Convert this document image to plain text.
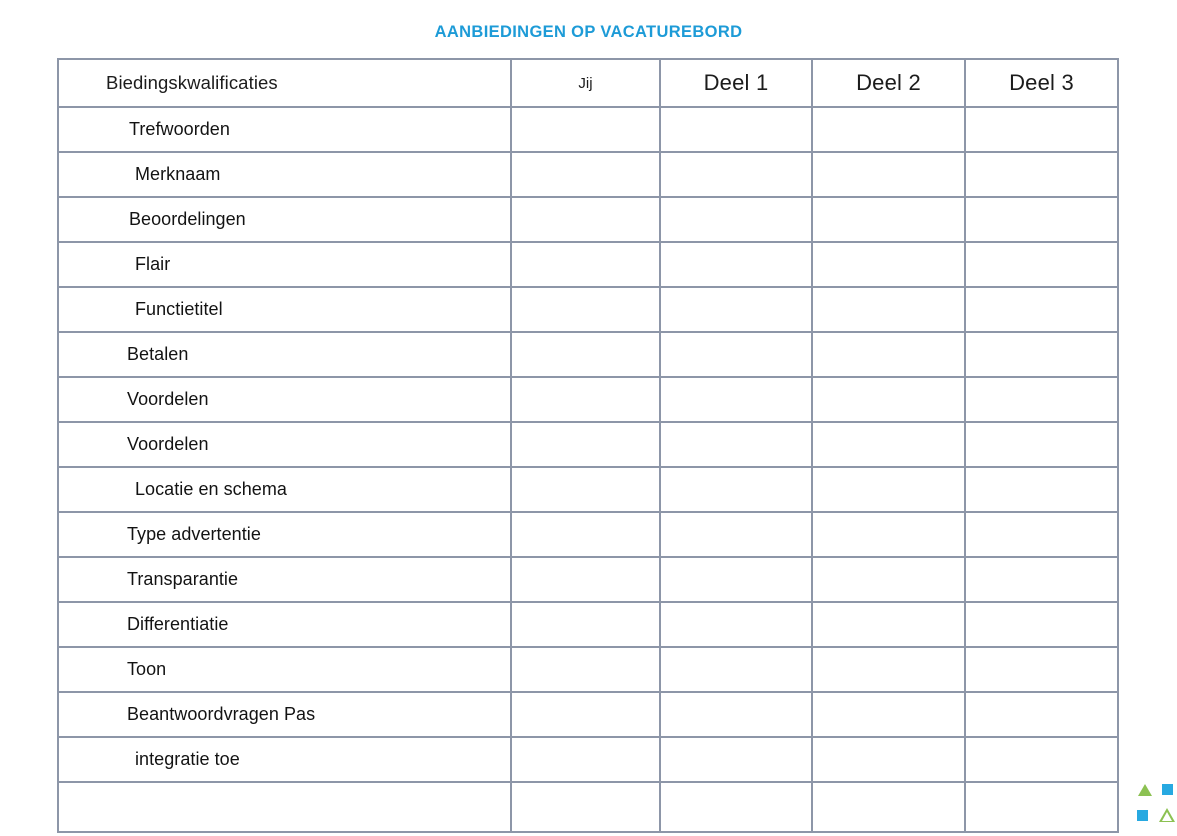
AANBIEDINGEN OP VACATUREBORD
Biedingskwalificaties	Jij	Deel 1	Deel 2	Deel 3
Trefwoorden				
Merknaam				
Beoordelingen				
Flair				
Functietitel				
Betalen				
Voordelen				
Voordelen				
Locatie en schema				
Type advertentie				
Transparantie				
Differentiatie				
Toon				
Beantwoordvragen Pas				
integratie toe				
Algemeen				
